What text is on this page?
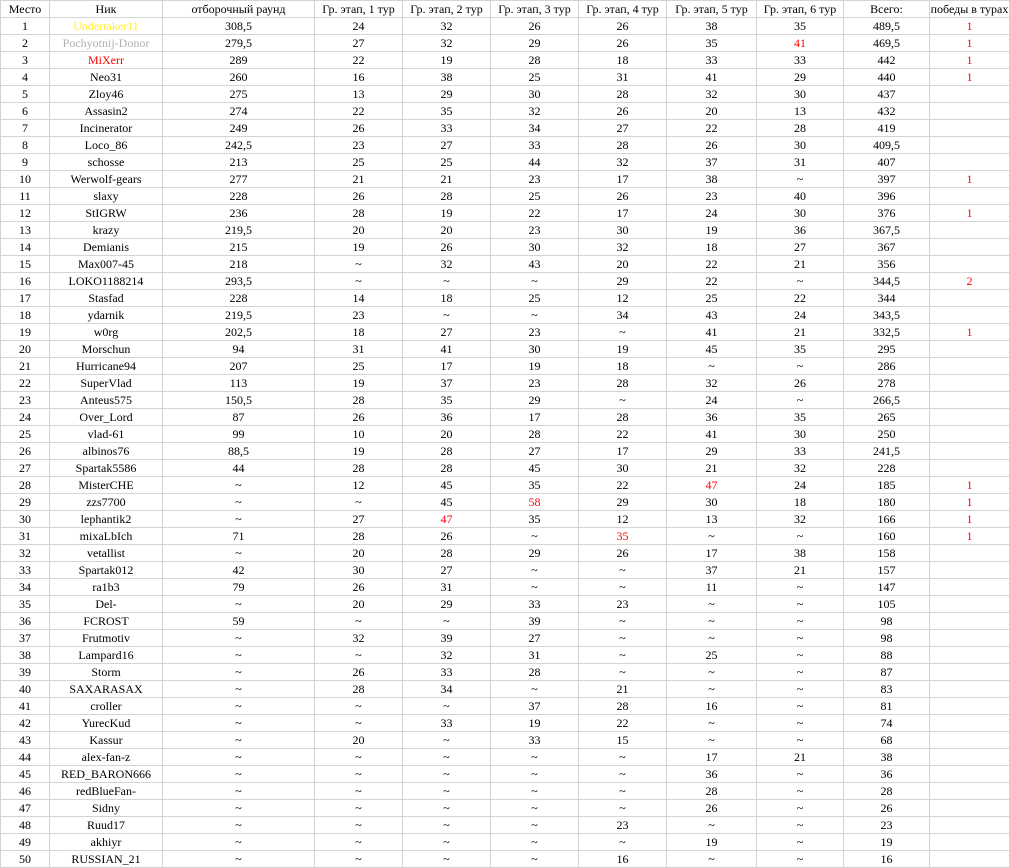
Место	Ник	отборочный раунд	Гр. этап, 1 тур	Гр. этап, 2 тур	Гр. этап, 3 тур	Гр. этап, 4 тур	Гр. этап, 5 тур	Гр. этап, 6 тур	Всего:	победы в турах
1	Undertaker11	308,5	24	32	26	26	38	35	489,5	1
2	Pochyotnij-Donor	279,5	27	32	29	26	35	41	469,5	1
3	MiXerr	289	22	19	28	18	33	33	442	1
4	Neo31	260	16	38	25	31	41	29	440	1
5	Zloy46	275	13	29	30	28	32	30	437	
6	Assasin2	274	22	35	32	26	20	13	432	
7	Incinerator	249	26	33	34	27	22	28	419	
8	Loco_86	242,5	23	27	33	28	26	30	409,5	
9	schosse	213	25	25	44	32	37	31	407	
10	Werwolf-gears	277	21	21	23	17	38	~	397	1
11	slaxy	228	26	28	25	26	23	40	396	
12	StIGRW	236	28	19	22	17	24	30	376	1
13	krazy	219,5	20	20	23	30	19	36	367,5	
14	Demianis	215	19	26	30	32	18	27	367	
15	Max007-45	218	~	32	43	20	22	21	356	
16	LOKO1188214	293,5	~	~	~	29	22	~	344,5	2
17	Stasfad	228	14	18	25	12	25	22	344	
18	ydarnik	219,5	23	~	~	34	43	24	343,5	
19	w0rg	202,5	18	27	23	~	41	21	332,5	1
20	Morschun	94	31	41	30	19	45	35	295	
21	Hurricane94	207	25	17	19	18	~	~	286	
22	SuperVlad	113	19	37	23	28	32	26	278	
23	Anteus575	150,5	28	35	29	~	24	~	266,5	
24	Over_Lord	87	26	36	17	28	36	35	265	
25	vlad-61	99	10	20	28	22	41	30	250	
26	albinos76	88,5	19	28	27	17	29	33	241,5	
27	Spartak5586	44	28	28	45	30	21	32	228	
28	MisterCHE	~	12	45	35	22	47	24	185	1
29	zzs7700	~	~	45	58	29	30	18	180	1
30	lephantik2	~	27	47	35	12	13	32	166	1
31	mixaLbIch	71	28	26	~	35	~	~	160	1
32	vetallist	~	20	28	29	26	17	38	158	
33	Spartak012	42	30	27	~	~	37	21	157	
34	ra1b3	79	26	31	~	~	11	~	147	
35	Del-	~	20	29	33	23	~	~	105	
36	FCROST	59	~	~	39	~	~	~	98	
37	Frutmotiv	~	32	39	27	~	~	~	98	
38	Lampard16	~	~	32	31	~	25	~	88	
39	Storm	~	26	33	28	~	~	~	87	
40	SAXARASAX	~	28	34	~	21	~	~	83	
41	croller	~	~	~	37	28	16	~	81	
42	YurecKud	~	~	33	19	22	~	~	74	
43	Kassur	~	20	~	33	15	~	~	68	
44	alex-fan-z	~	~	~	~	~	17	21	38	
45	RED_BARON666	~	~	~	~	~	36	~	36	
46	redBlueFan-	~	~	~	~	~	28	~	28	
47	Sidny	~	~	~	~	~	26	~	26	
48	Ruud17	~	~	~	~	23	~	~	23	
49	akhiyr	~	~	~	~	~	19	~	19	
50	RUSSIAN_21	~	~	~	~	16	~	~	16	
